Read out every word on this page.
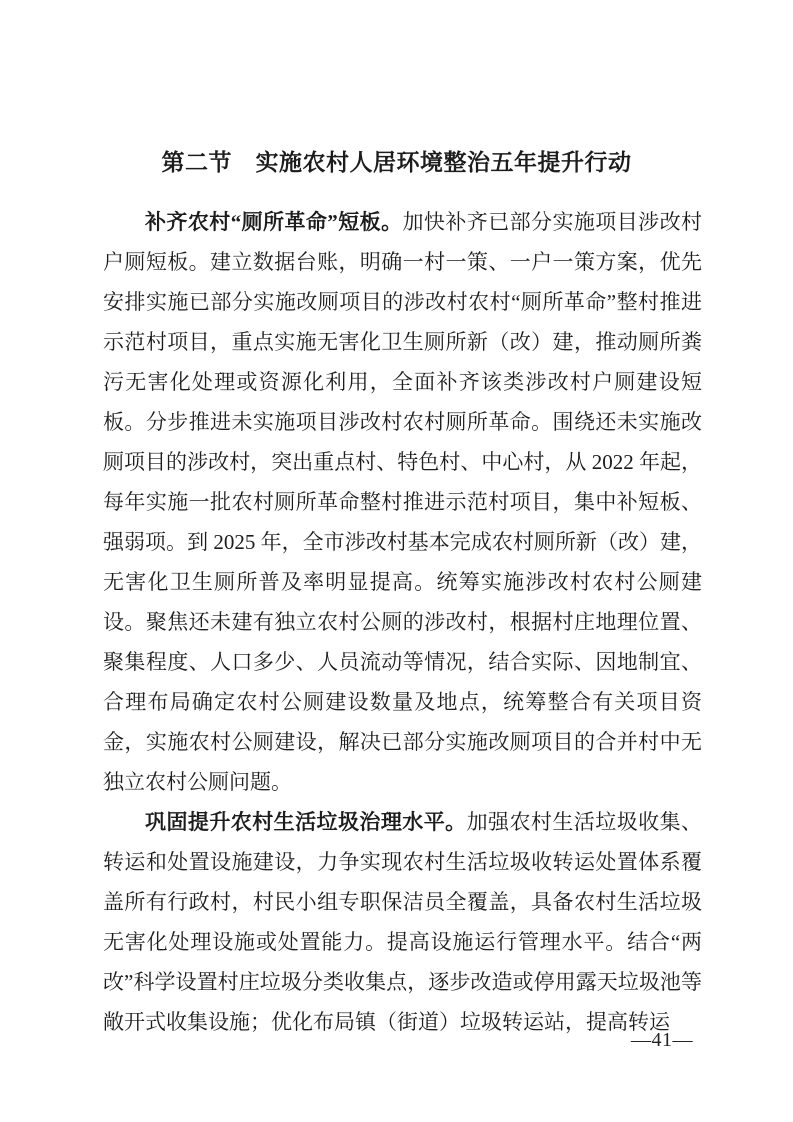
第二节　实施农村人居环境整治五年提升行动

补齐农村“厕所革命”短板。加快补齐已部分实施项目涉改村户厕短板。建立数据台账，明确一村一策、一户一策方案，优先安排实施已部分实施改厕项目的涉改村农村“厕所革命”整村推进示范村项目，重点实施无害化卫生厕所新（改）建，推动厕所粪污无害化处理或资源化利用，全面补齐该类涉改村户厕建设短板。分步推进未实施项目涉改村农村厕所革命。围绕还未实施改厕项目的涉改村，突出重点村、特色村、中心村，从 2022 年起，每年实施一批农村厕所革命整村推进示范村项目，集中补短板、强弱项。到 2025 年，全市涉改村基本完成农村厕所新（改）建，无害化卫生厕所普及率明显提高。统筹实施涉改村农村公厕建设。聚焦还未建有独立农村公厕的涉改村，根据村庄地理位置、聚集程度、人口多少、人员流动等情况，结合实际、因地制宜、合理布局确定农村公厕建设数量及地点，统筹整合有关项目资金，实施农村公厕建设，解决已部分实施改厕项目的合并村中无独立农村公厕问题。

巩固提升农村生活垃圾治理水平。加强农村生活垃圾收集、转运和处置设施建设，力争实现农村生活垃圾收转运处置体系覆盖所有行政村，村民小组专职保洁员全覆盖，具备农村生活垃圾无害化处理设施或处置能力。提高设施运行管理水平。结合“两改”科学设置村庄垃圾分类收集点，逐步改造或停用露天垃圾池等敞开式收集设施；优化布局镇（街道）垃圾转运站，提高转运

—41—
